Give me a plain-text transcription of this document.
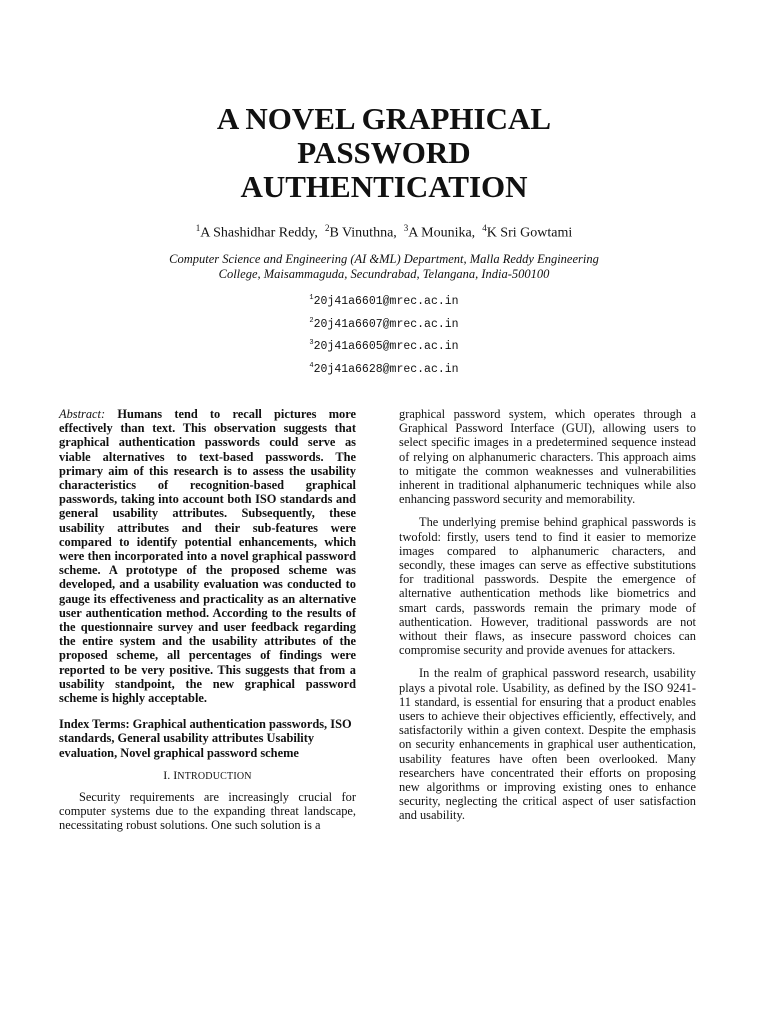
A NOVEL GRAPHICAL
PASSWORD
AUTHENTICATION
$^1$A Shashidhar Reddy, $^2$B Vinuthna, $^3$A Mounika, $^4$K Sri Gowtami
Computer Science and Engineering (AI &ML) Department, Malla Reddy Engineering
College, Maisammaguda, Secundrabad, Telangana, India-500100
$^1$20j41a6601@mrec.ac.in
$^2$20j41a6607@mrec.ac.in
$^3$20j41a6605@mrec.ac.in
$^4$20j41a6628@mrec.ac.in

Abstract: Humans tend to recall pictures more effectively than text. This observation suggests that graphical authentication passwords could serve as viable alternatives to text-based passwords. The primary aim of this research is to assess the usability characteristics of recognition-based graphical passwords, taking into account both ISO standards and general usability attributes. Subsequently, these usability attributes and their sub-features were compared to identify potential enhancements, which were then incorporated into a novel graphical password scheme. A prototype of the proposed scheme was developed, and a usability evaluation was conducted to gauge its effectiveness and practicality as an alternative user authentication method. According to the results of the questionnaire survey and user feedback regarding the entire system and the usability attributes of the proposed scheme, all percentages of findings were reported to be very positive. This suggests that from a usability standpoint, the new graphical password scheme is highly acceptable.

Index Terms: Graphical authentication passwords, ISO standards, General usability attributes Usability evaluation, Novel graphical password scheme

I. INTRODUCTION

Security requirements are increasingly crucial for computer systems due to the expanding threat landscape, necessitating robust solutions. One such solution is a

graphical password system, which operates through a Graphical Password Interface (GUI), allowing users to select specific images in a predetermined sequence instead of relying on alphanumeric characters. This approach aims to mitigate the common weaknesses and vulnerabilities inherent in traditional alphanumeric techniques while also enhancing password security and memorability.

The underlying premise behind graphical passwords is twofold: firstly, users tend to find it easier to memorize images compared to alphanumeric characters, and secondly, these images can serve as effective substitutions for traditional passwords. Despite the emergence of alternative authentication methods like biometrics and smart cards, passwords remain the primary mode of authentication. However, traditional passwords are not without their flaws, as insecure password choices can compromise security and provide avenues for attackers.

In the realm of graphical password research, usability plays a pivotal role. Usability, as defined by the ISO 9241-11 standard, is essential for ensuring that a product enables users to achieve their objectives efficiently, effectively, and satisfactorily within a given context. Despite the emphasis on security enhancements in graphical user authentication, usability features have often been overlooked. Many researchers have concentrated their efforts on proposing new algorithms or improving existing ones to enhance security, neglecting the critical aspect of user satisfaction and usability.
